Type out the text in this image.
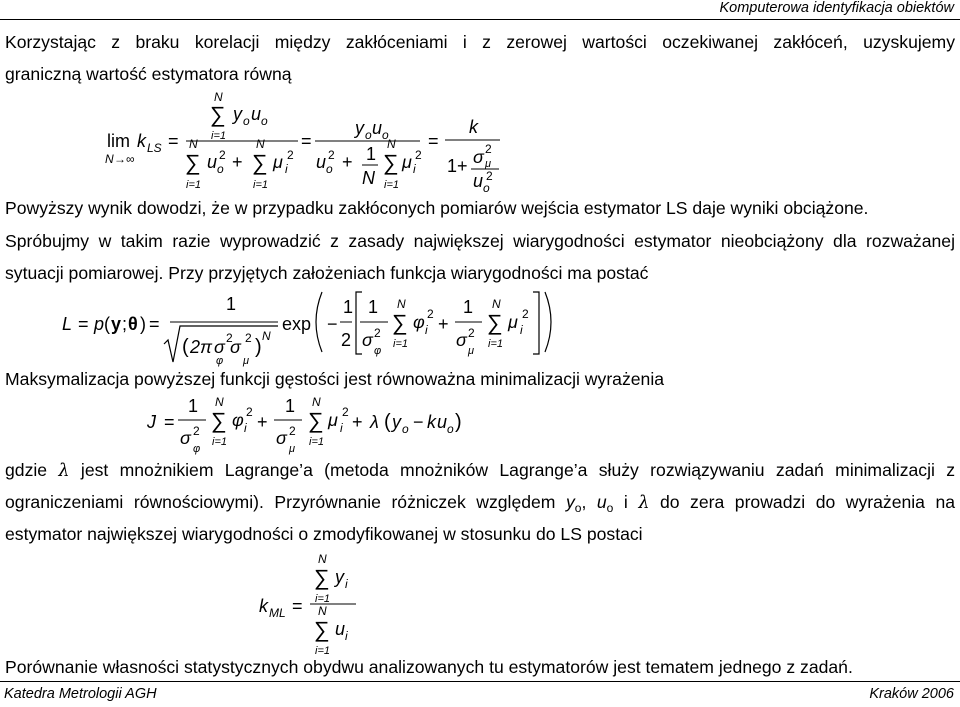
Komputerowa identyfikacja obiektów
Korzystając z braku korelacji między zakłóceniami i z zerowej wartości oczekiwanej zakłóceń, uzyskujemy
graniczną wartość estymatora równą
lim
N →∞
k LS =
N
∑
i=1
y o u o
N
∑
i=1
u o
2 +
N
∑
i=1
μ i
2
=
y o u o
u o
2 + 1
N
N
∑
i=1
μ i
2
=
k
1+ σ 2
μ
u o
2
Powyższy wynik dowodzi, że w przypadku zakłóconych pomiarów wejścia estymator LS daje wyniki obciążone.
Spróbujmy w takim razie wyprowadzić z zasady największej wiarygodności estymator nieobciążony dla rozważanej
sytuacji pomiarowej. Przy przyjętych założeniach funkcja wiarygodności ma postać
L = p ( y ; θ ) =
1
( 2π σ 2
φ
σ 2
μ
) N
exp −
1
2
1
σ 2
φ
N
∑
i=1
φ i
2 +
1
σ 2
μ
N
∑
i=1
μ i
2
Maksymalizacja powyższej funkcji gęstości jest równoważna minimalizacji wyrażenia
J =
1
σ 2
φ
N
∑
i=1
φ i
2 +
1
σ 2
μ
N
∑
i=1
μ i
2 + λ ( y o − k u o )
gdzie λ jest mnożnikiem Lagrange’a (metoda mnożników Lagrange’a służy rozwiązywaniu zadań minimalizacji z
ograniczeniami równościowymi). Przyrównanie różniczek względem $y_o$, $u_o$ i λ do zera prowadzi do wyrażenia na
estymator największej wiarygodności o zmodyfikowanej w stosunku do LS postaci
k ML =
N
∑
i=1
y i
N
∑
i=1
u i
Porównanie własności statystycznych obydwu analizowanych tu estymatorów jest tematem jednego z zadań.
Katedra Metrologii AGH	Kraków 2006
